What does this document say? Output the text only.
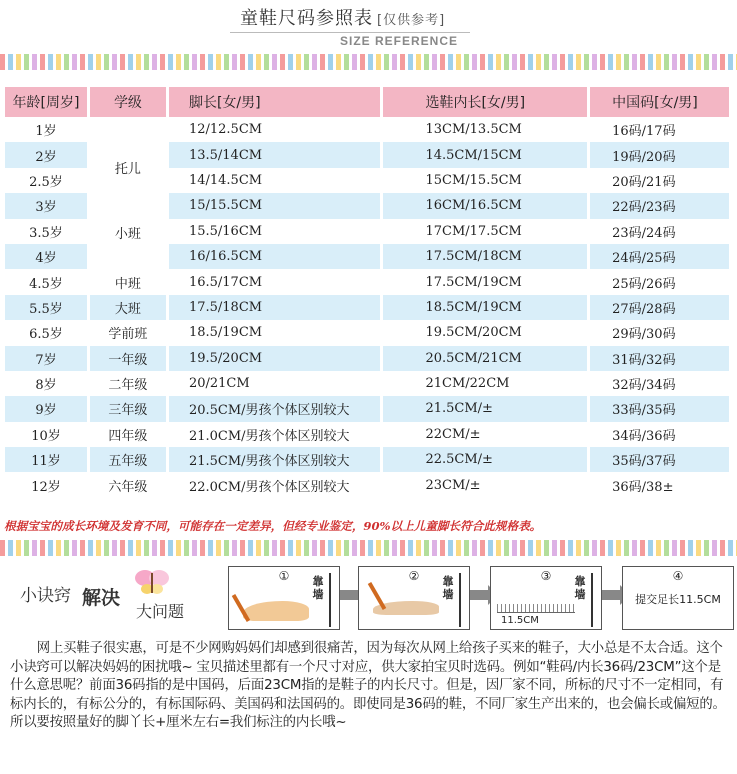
童鞋尺码参照表 [仅供参考]
SIZE REFERENCE
年龄[周岁]	学级	脚长[女/男]	选鞋内长[女/男]	中国码[女/男]
1岁	托儿	12/12.5CM	13CM/13.5CM	16码/17码
2岁		13.5/14CM	14.5CM/15CM	19码/20码
2.5岁		14/14.5CM	15CM/15.5CM	20码/21码
3岁		15/15.5CM	16CM/16.5CM	22码/23码
3.5岁	小班	15.5/16CM	17CM/17.5CM	23码/24码
4岁		16/16.5CM	17.5CM/18CM	24码/25码
4.5岁	中班	16.5/17CM	17.5CM/19CM	25码/26码
5.5岁	大班	17.5/18CM	18.5CM/19CM	27码/28码
6.5岁	学前班	18.5/19CM	19.5CM/20CM	29码/30码
7岁	一年级	19.5/20CM	20.5CM/21CM	31码/32码
8岁	二年级	20/21CM	21CM/22CM	32码/34码
9岁	三年级	20.5CM/男孩个体区别较大	21.5CM/±	33码/35码
10岁	四年级	21.0CM/男孩个体区别较大	22CM/±	34码/36码
11岁	五年级	21.5CM/男孩个体区别较大	22.5CM/±	35码/37码
12岁	六年级	22.0CM/男孩个体区别较大	23CM/±	36码/38±
根据宝宝的成长环境及发育不同，可能存在一定差异，但经专业鉴定，90%以上儿童脚长符合此规格表。
小诀窍 解决
大问题
①	靠墙
②	靠墙
③	靠墙
11.5CM
④
提交足长11.5CM
网上买鞋子很实惠，可是不少网购妈妈们却感到很痛苦，因为每次从网上给孩子买来的鞋子，大小总是不太合适。这个小诀窍可以解决妈妈的困扰哦~ 宝贝描述里都有一个尺寸对应，供大家拍宝贝时选码。例如“鞋码/内长36码/23CM”这个是什么意思呢？前面36码指的是中国码，后面23CM指的是鞋子的内长尺寸。但是，因厂家不同，所标的尺寸不一定相同，有标内长的，有标公分的，有标国际码、美国码和法国码的。即使同是36码的鞋，不同厂家生产出来的，也会偏长或偏短的。所以要按照量好的脚丫长+厘米左右=我们标注的内长哦~
